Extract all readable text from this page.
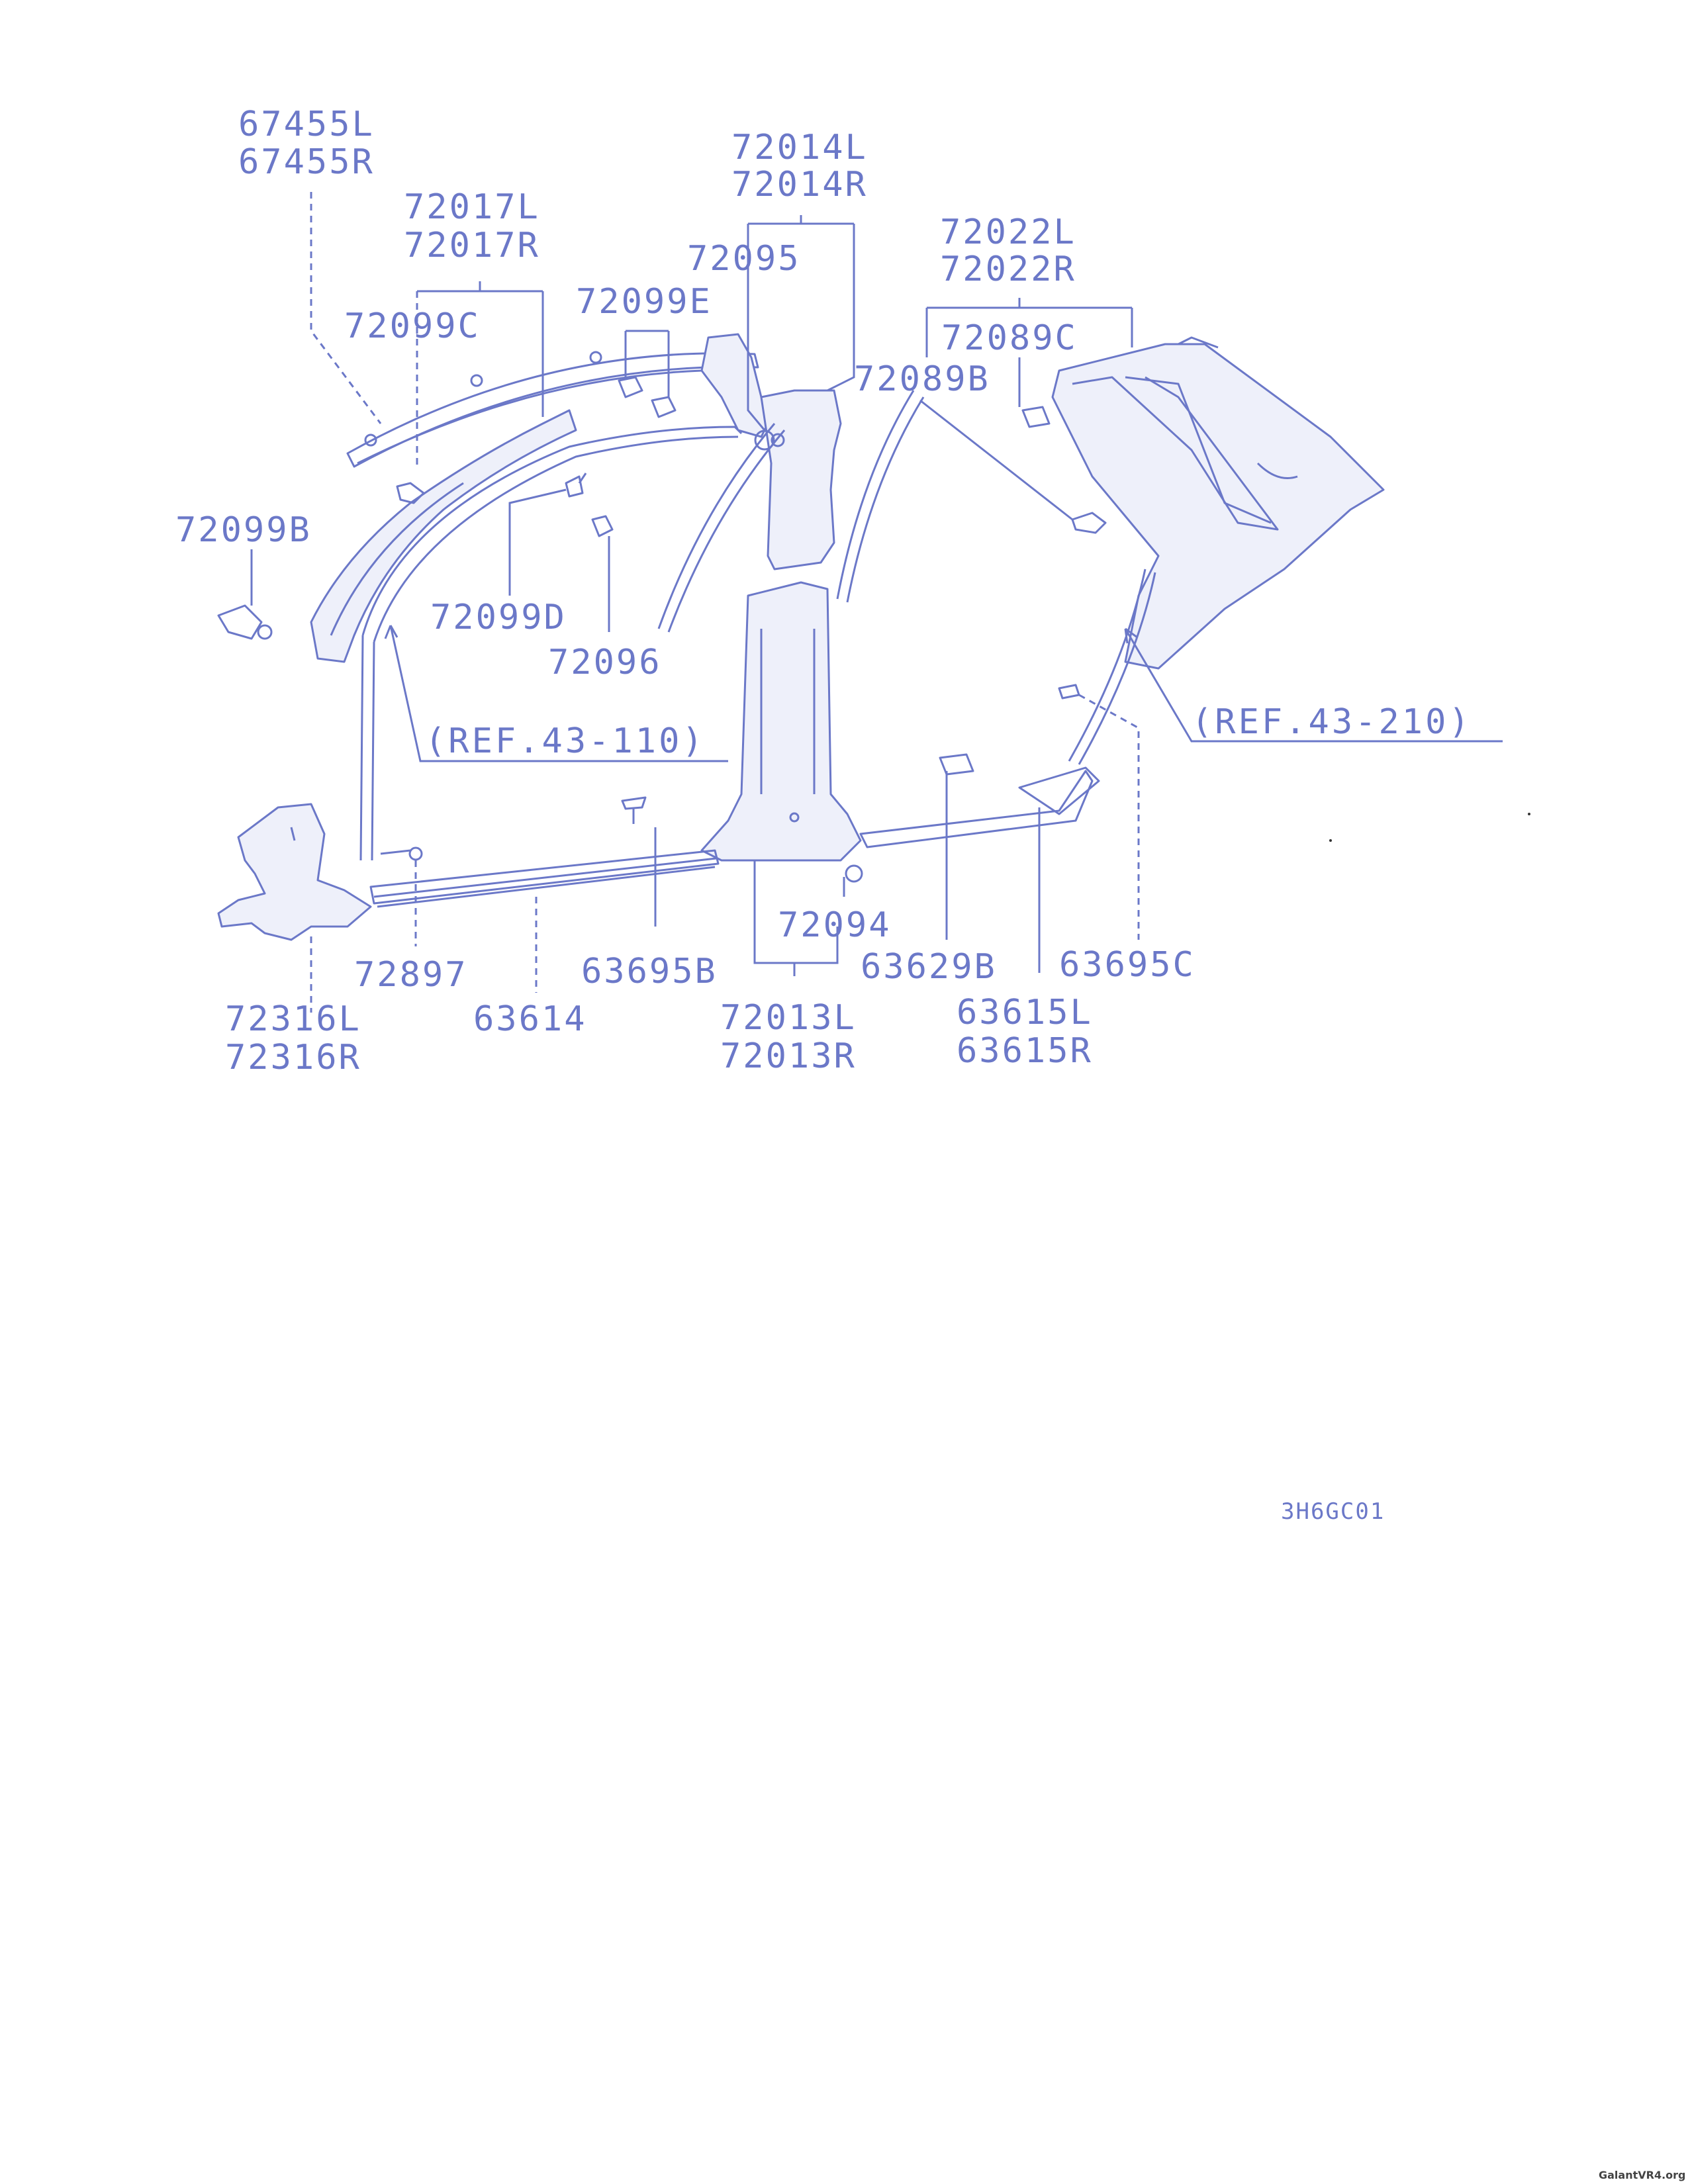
67455L
67455R
72017L
72017R
72014L
72014R
72095
72099E
72099C
72022L
72022R
72089C
72089B
72099B
72099D
72096
(REF.43-110)	(REF.43-210)
72094
72897	63695B	63629B 63695C
72316L
72316R
63614	72013L
72013R
63615L
63615R
3H6GC01
GalantVR4.org
